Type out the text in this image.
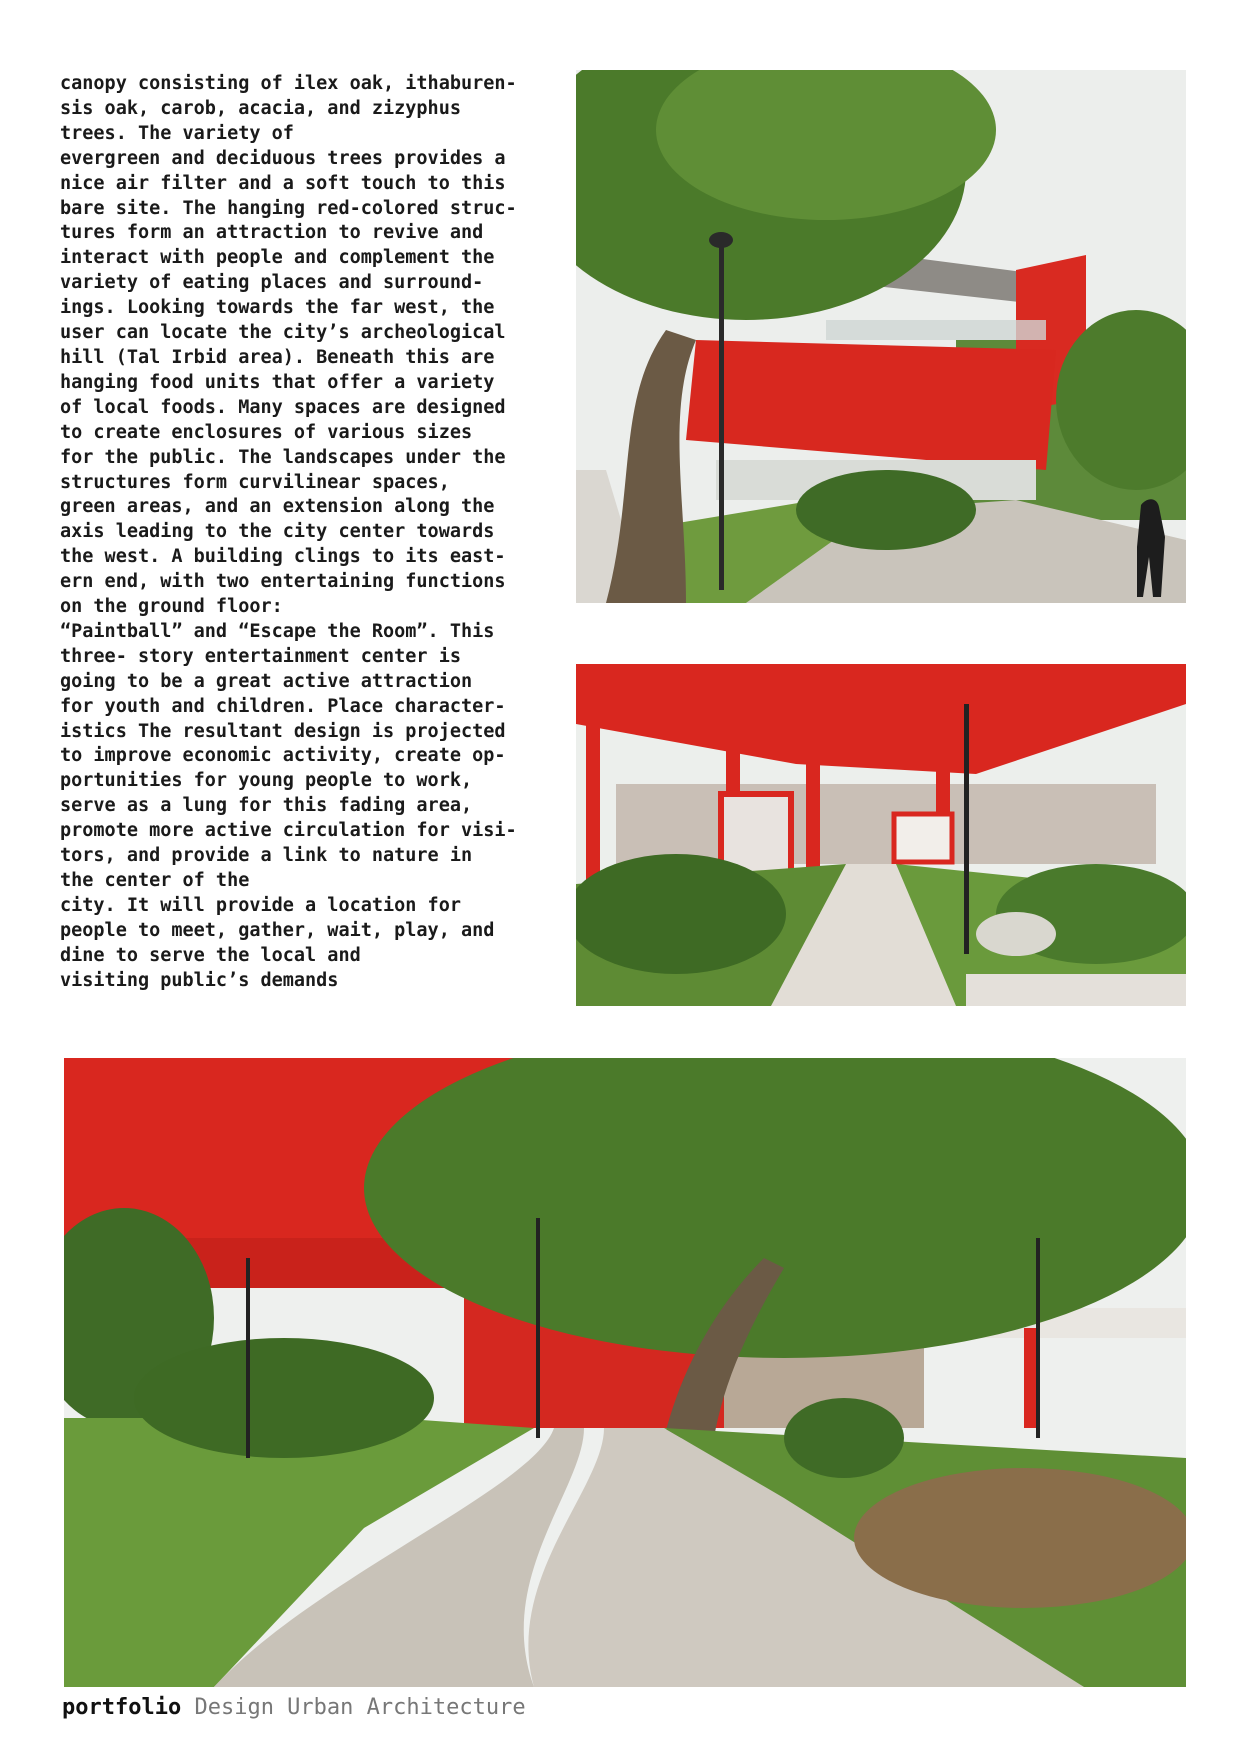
canopy consisting of ilex oak, ithaburen-
sis oak, carob, acacia, and zizyphus
trees. The variety of
evergreen and deciduous trees provides a
nice air filter and a soft touch to this
bare site. The hanging red-colored struc-
tures form an attraction to revive and
interact with people and complement the
variety of eating places and surround-
ings. Looking towards the far west, the
user can locate the city’s archeological
hill (Tal Irbid area). Beneath this are
hanging food units that offer a variety
of local foods. Many spaces are designed
to create enclosures of various sizes
for the public. The landscapes under the
structures form curvilinear spaces,
green areas, and an extension along the
axis leading to the city center towards
the west. A building clings to its east-
ern end, with two entertaining functions
on the ground floor:
“Paintball” and “Escape the Room”. This
three- story entertainment center is
going to be a great active attraction
for youth and children. Place character-
istics The resultant design is projected
to improve economic activity, create op-
portunities for young people to work,
serve as a lung for this fading area,
promote more active circulation for visi-
tors, and provide a link to nature in
the center of the
city. It will provide a location for
people to meet, gather, wait, play, and
dine to serve the local and
visiting public’s demands
portfolio Design Urban Architecture
